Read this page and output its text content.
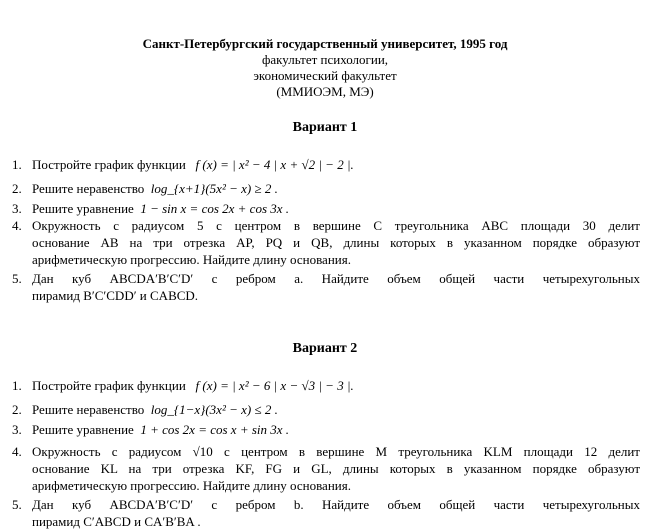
Санкт-Петербургский государственный университет, 1995 год
факультет психологии,
экономический факультет
(ММИОЭМ, МЭ)
Вариант 1
1. Постройте график функции f (x) = | x² − 4 | x + √2 | − 2 |.
2. Решите неравенство log_{x+1}(5x² − x) ≥ 2 .
3. Решите уравнение 1 − sin x = cos 2x + cos 3x .
4. Окружность с радиусом 5 с центром в вершине C треугольника ABC площади 30 делит
основание AB на три отрезка AP, PQ и QB, длины которых в указанном порядке образуют
арифметическую прогрессию. Найдите длину основания.
5. Дан куб ABCDA′B′C′D′ с ребром a. Найдите объем общей части четырехугольных
пирамид B′C′CDD′ и CABCD.
Вариант 2
1. Постройте график функции f (x) = | x² − 6 | x − √3 | − 3 |.
2. Решите неравенство log_{1−x}(3x² − x) ≤ 2 .
3. Решите уравнение 1 + cos 2x = cos x + sin 3x .
4. Окружность с радиусом √10 с центром в вершине M треугольника KLM площади 12 делит
основание KL на три отрезка KF, FG и GL, длины которых в указанном порядке образуют
арифметическую прогрессию. Найдите длину основания.
5. Дан куб ABCDA′B′C′D′ с ребром b. Найдите объем общей части четырехугольных
пирамид C′ABCD и CA′B′BA .
